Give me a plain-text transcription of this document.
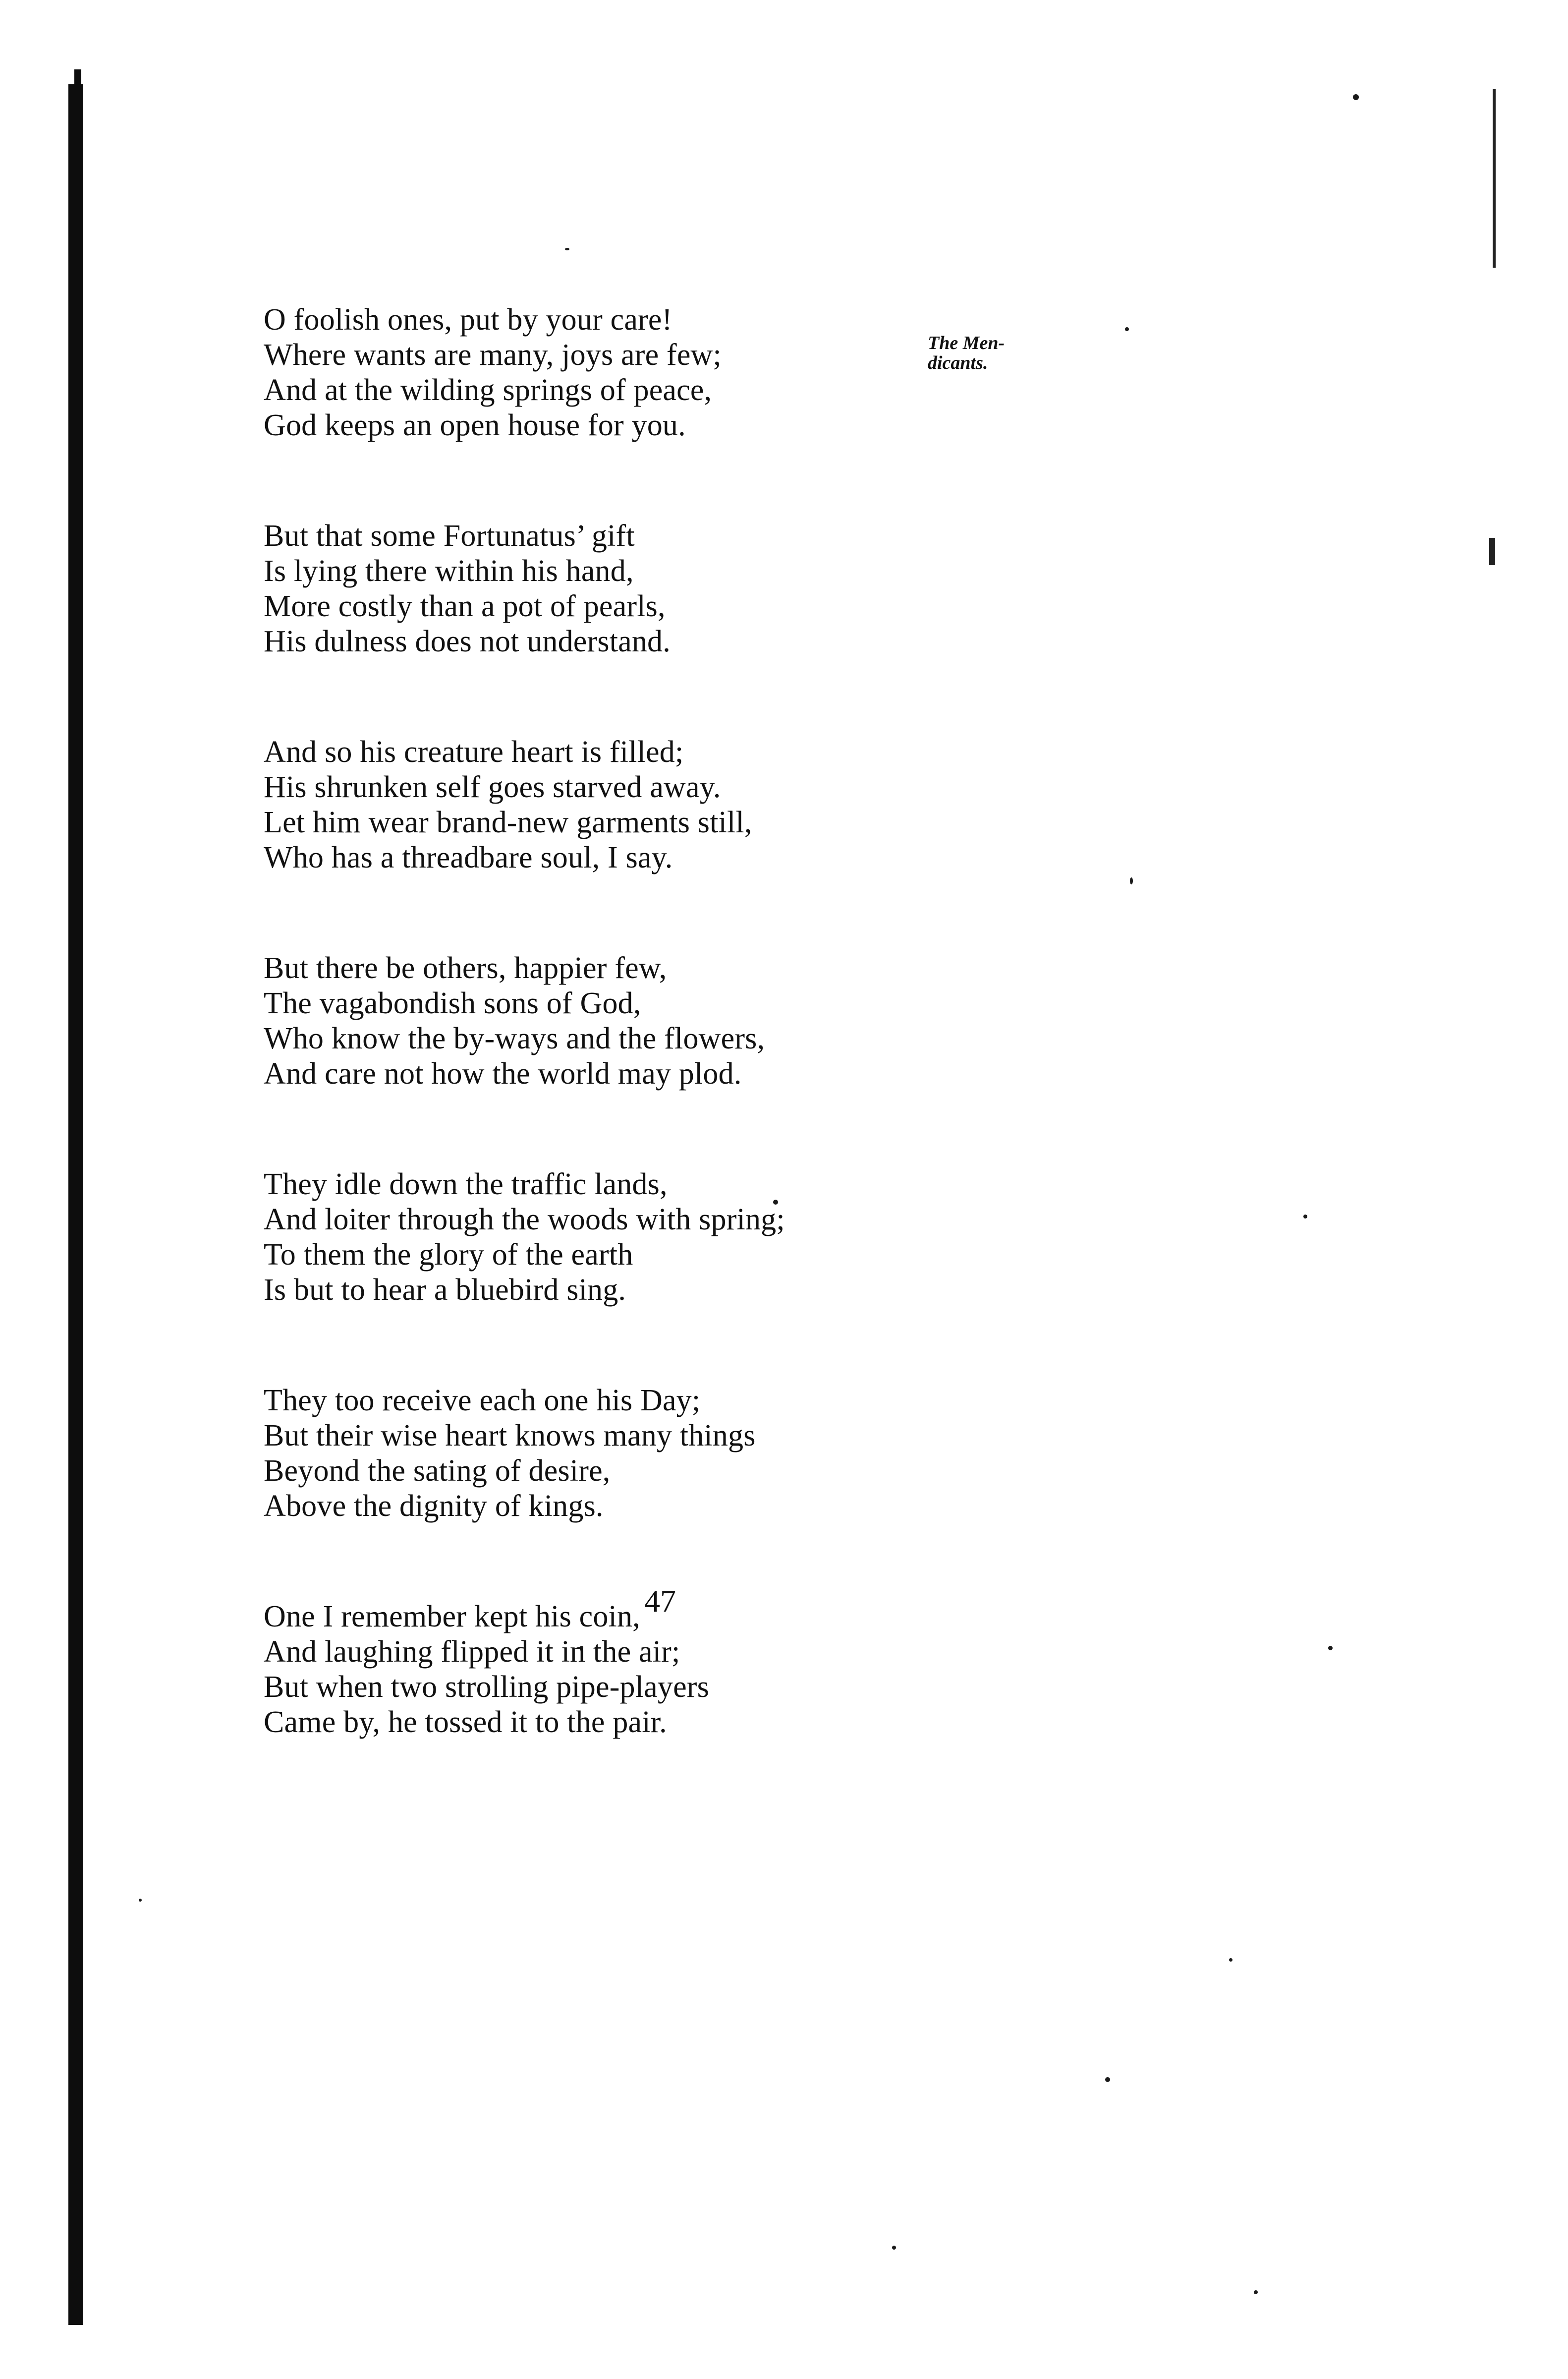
O foolish ones, put by your care!
Where wants are many, joys are few;
And at the wilding springs of peace,
God keeps an open house for you.
But that some Fortunatus’ gift
Is lying there within his hand,
More costly than a pot of pearls,
His dulness does not understand.
And so his creature heart is filled;
His shrunken self goes starved away.
Let him wear brand-new garments still,
Who has a threadbare soul, I say.
But there be others, happier few,
The vagabondish sons of God,
Who know the by-ways and the flowers,
And care not how the world may plod.
They idle down the traffic lands,
And loiter through the woods with spring;
To them the glory of the earth
Is but to hear a bluebird sing.
They too receive each one his Day;
But their wise heart knows many things
Beyond the sating of desire,
Above the dignity of kings.
One I remember kept his coin,
And laughing flipped it in the air;
But when two strolling pipe-players
Came by, he tossed it to the pair.
The Men-
dicants.
47
